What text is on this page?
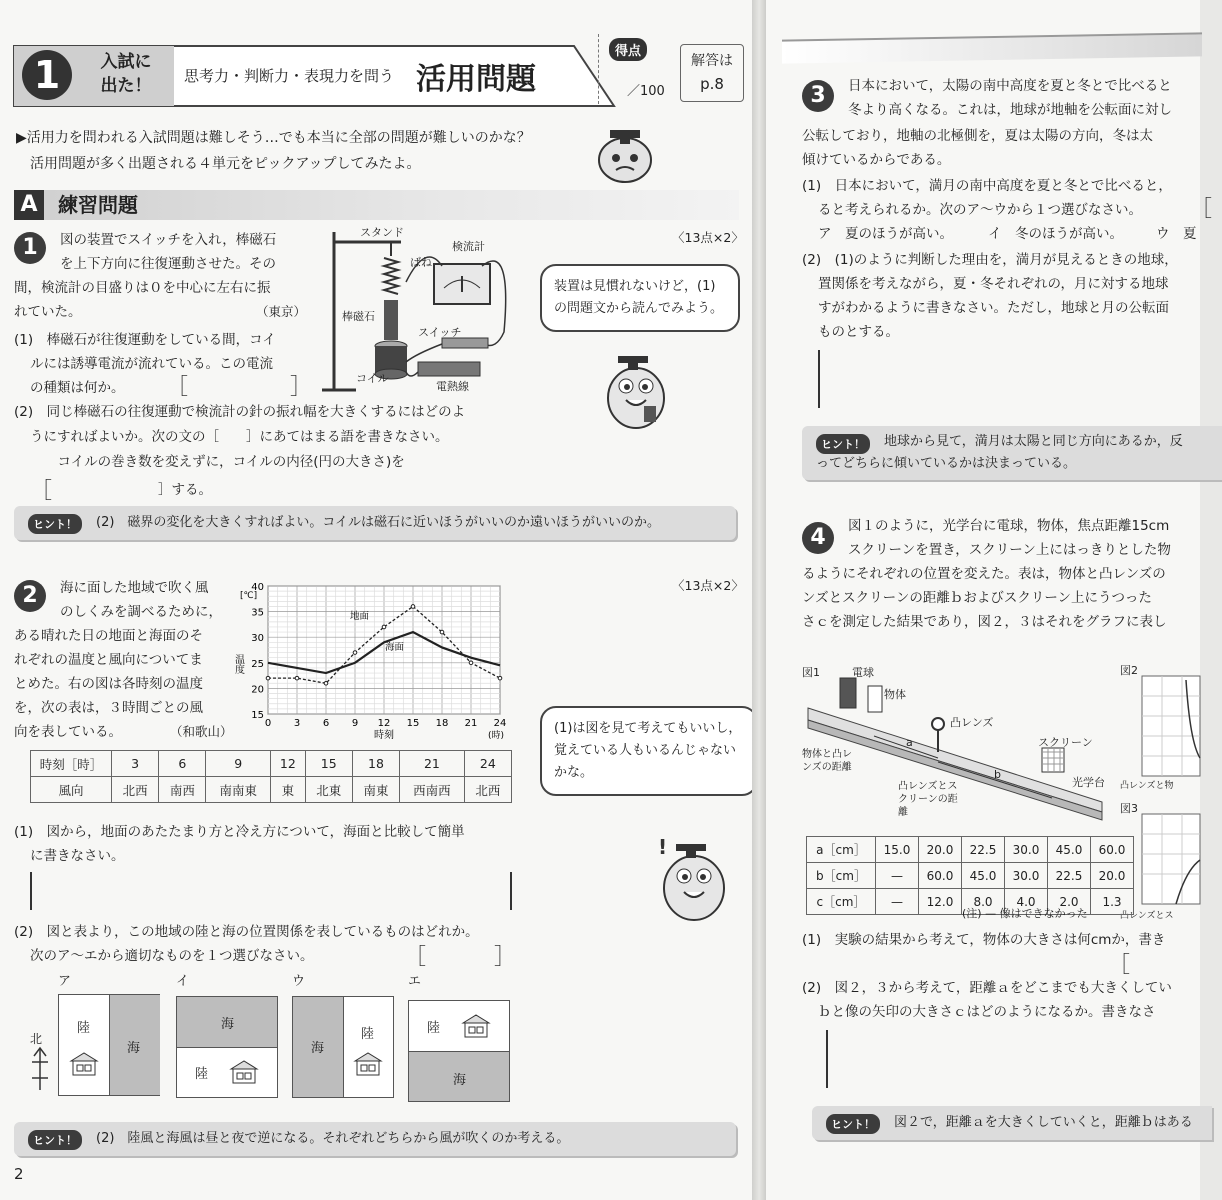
1	入試に
出た！	思考力・判断力・表現力を問う 活用問題
得点
／100
解答は
p.8
▶活用力を問われる入試問題は難しそう…でも本当に全部の問題が難しいのかな？
活用問題が多く出題される４単元をピックアップしてみたよ。
A	練習問題
1	〈13点×2〉
図の装置でスイッチを入れ，棒磁石
を上下方向に往復運動させた。その
間，検流計の目盛りは０を中心に左右に振
れていた。	（東京）
(1)　棒磁石が往復運動をしている間，コイ
ルには誘導電流が流れている。この電流
の種類は何か。 ［	］
(2)　同じ棒磁石の往復運動で検流計の針の振れ幅を大きくするにはどのよ
うにすればよいか。次の文の［　　］にあてはまる語を書きなさい。
　コイルの巻き数を変えずに，コイルの内径(円の大きさ)を
［	］する。
スタンド
ばね
検流計
棒磁石
スイッチ
コイル
電熱線
装置は見慣れないけど，(1)の問題文から読んでみよう。
ヒント！	(2)　磁界の変化を大きくすればよい。コイルは磁石に近いほうがいいのか遠いほうがいいのか。
2	〈13点×2〉
海に面した地域で吹く風
のしくみを調べるために，
ある晴れた日の地面と海面のそ
れぞれの温度と風向についてま
とめた。右の図は各時刻の温度
を，次の表は，３時間ごとの風
向を表している。	（和歌山）
0 3 6 9 12 15 18 21 24
15
20
25
30
35
40
[℃]
温度
時刻	(時)
地面
海面
時刻［時］	3	6	9	12	15	18	21	24
風向	北西	南西	南南東	東	北東	南東	西南西	北西
(1)は図を見て考えてもいいし，覚えている人もいるんじゃないかな。
!
(1)　図から，地面のあたたまり方と冷え方について，海面と比較して簡単
に書きなさい。
(2)　図と表より，この地域の陸と海の位置関係を表しているものはどれか。
次のア～エから適切なものを１つ選びなさい。	［	］
ア	イ	ウ	エ
北
陸
海
海
陸
海
陸	陸
海
ヒント！	(2)　陸風と海風は昼と夜で逆になる。それぞれどちらから風が吹くのか考える。
2
3	日本において，太陽の南中高度を夏と冬とで比べると
冬より高くなる。これは，地球が地軸を公転面に対し
公転しており，地軸の北極側を，夏は太陽の方向，冬は太
傾けているからである。
(1)　日本において，満月の南中高度を夏と冬とで比べると，
ると考えられるか。次のア～ウから１つ選びなさい。 ［
ア　夏のほうが高い。	イ　冬のほうが高い。 ウ　夏
(2)　(1)のように判断した理由を，満月が見えるときの地球，
置関係を考えながら，夏・冬それぞれの，月に対する地球
すがわかるように書きなさい。ただし，地球と月の公転面
ものとする。
ヒント！	地球から見て，満月は太陽と同じ方向にあるか，反
ってどちらに傾いているかは決まっている。
4	図１のように，光学台に電球，物体，焦点距離15cm
スクリーンを置き，スクリーン上にはっきりとした物
るようにそれぞれの位置を変えた。表は，物体と凸レンズの
ンズとスクリーンの距離ｂおよびスクリーン上にうつった
さｃを測定した結果であり，図２，３はそれをグラフに表し
図1	電球
物体
凸レンズ
スクリーン
光学台
a
b
物体と凸レンズの距離
凸レンズとスクリーンの距離
図2
凸レンズと物
図3
凸レンズとス
a［cm］	15.0	20.0	22.5	30.0	45.0	60.0
b［cm］	—	60.0	45.0	30.0	22.5	20.0
c［cm］	—	12.0	8.0	4.0	2.0	1.3
(注) — 像はできなかった
(1)　実験の結果から考えて，物体の大きさは何cmか，書き
［
(2)　図２，３から考えて，距離ａをどこまでも大きくしてい
ｂと像の矢印の大きさｃはどのようになるか。書きなさ
ヒント！	図２で，距離ａを大きくしていくと，距離ｂはある
